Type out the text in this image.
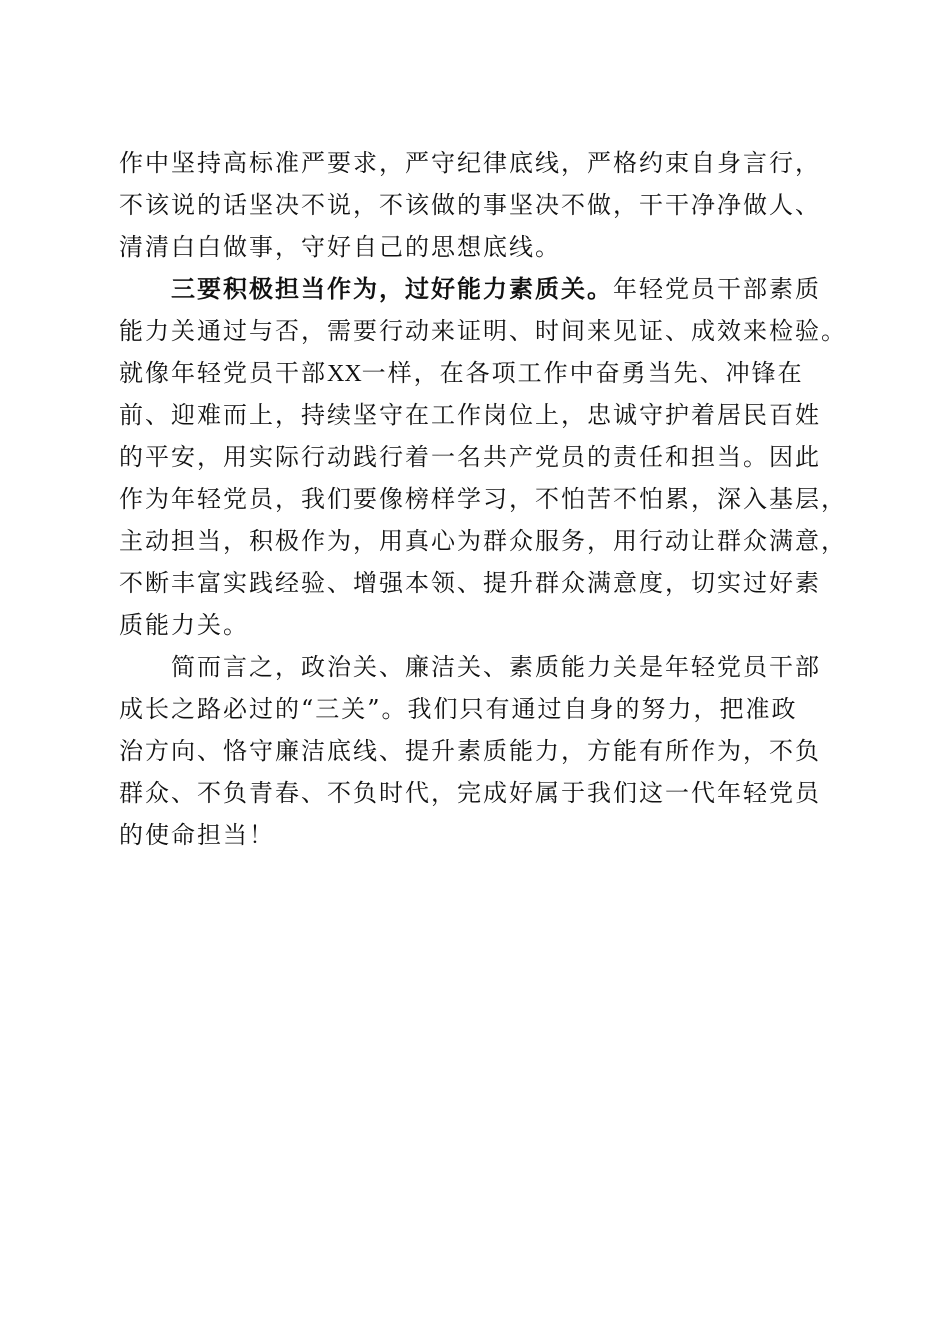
作中坚持高标准严要求，严守纪律底线，严格约束自身言行，
不该说的话坚决不说，不该做的事坚决不做，干干净净做人、
清清白白做事，守好自己的思想底线。
三要积极担当作为，过好能力素质关。年轻党员干部素质
能力关通过与否，需要行动来证明、时间来见证、成效来检验。
就像年轻党员干部XX一样，在各项工作中奋勇当先、冲锋在
前、迎难而上，持续坚守在工作岗位上，忠诚守护着居民百姓
的平安，用实际行动践行着一名共产党员的责任和担当。因此
作为年轻党员，我们要像榜样学习，不怕苦不怕累，深入基层，
主动担当，积极作为，用真心为群众服务，用行动让群众满意，
不断丰富实践经验、增强本领、提升群众满意度，切实过好素
质能力关。
简而言之，政治关、廉洁关、素质能力关是年轻党员干部
成长之路必过的“三关”。我们只有通过自身的努力，把准政
治方向、恪守廉洁底线、提升素质能力，方能有所作为，不负
群众、不负青春、不负时代，完成好属于我们这一代年轻党员
的使命担当！
